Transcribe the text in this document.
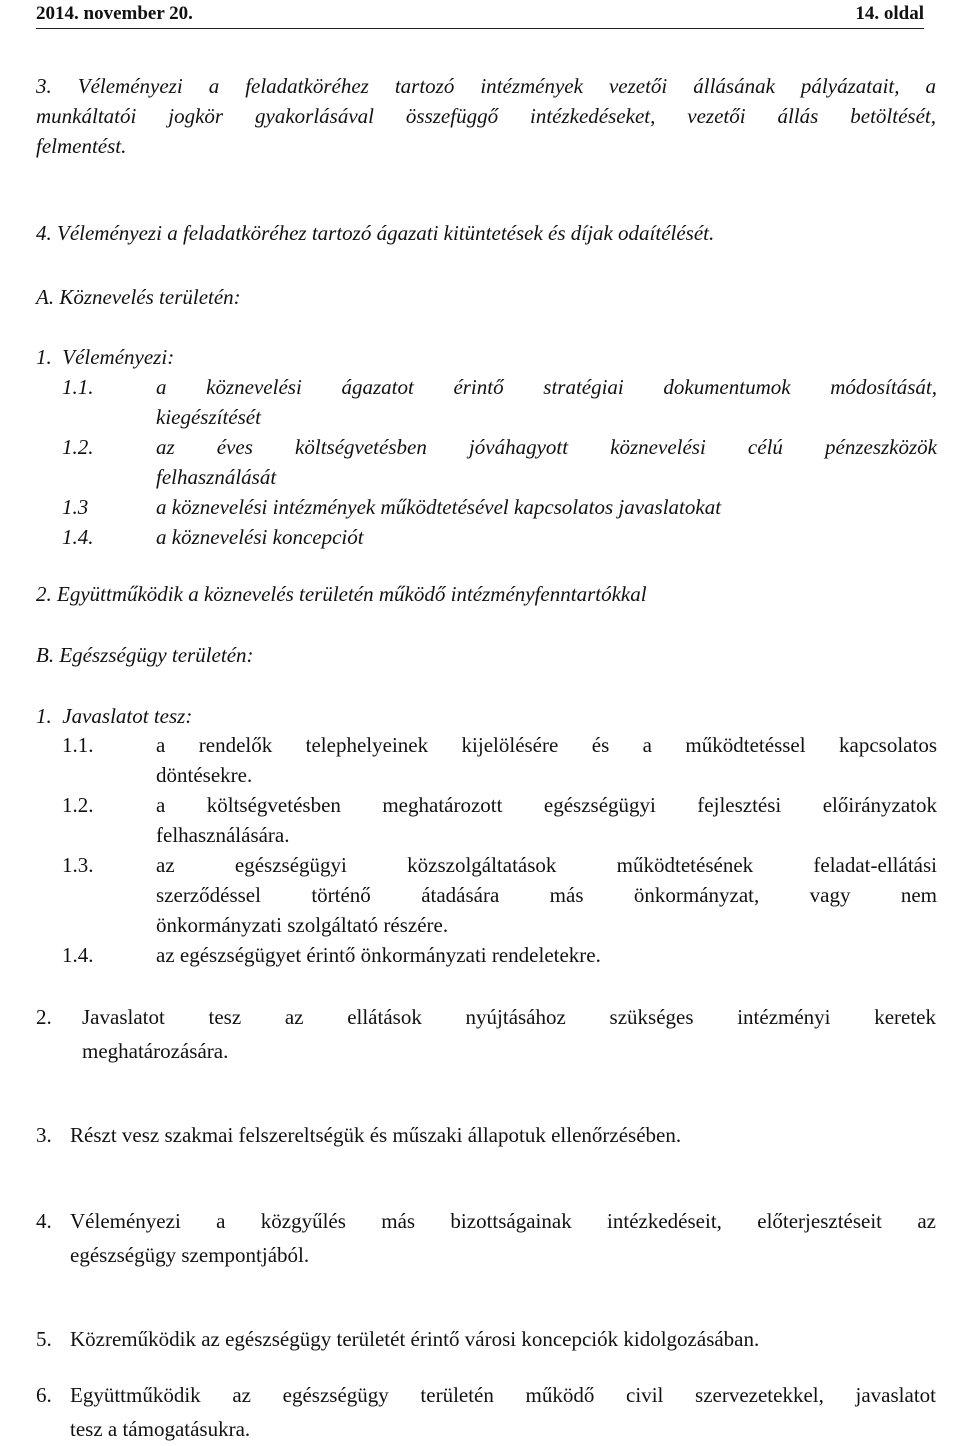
2014. november 20.	14. oldal
3. Véleményezi a feladatköréhez tartozó intézmények vezetői állásának pályázatait, a
munkáltatói jogkör gyakorlásával összefüggő intézkedéseket, vezetői állás betöltését,
felmentést.
4. Véleményezi a feladatköréhez tartozó ágazati kitüntetések és díjak odaítélését.
A. Köznevelés területén:
1.  Véleményezi:
1.1.	a köznevelési ágazatot érintő stratégiai dokumentumok módosítását,
kiegészítését
1.2.	az éves költségvetésben jóváhagyott köznevelési célú pénzeszközök
felhasználását
1.3	a köznevelési intézmények működtetésével kapcsolatos javaslatokat
1.4.	a köznevelési koncepciót
2. Együttműködik a köznevelés területén működő intézményfenntartókkal
B. Egészségügy területén:
1.  Javaslatot tesz:
1.1.	a rendelők telephelyeinek kijelölésére és a működtetéssel kapcsolatos
döntésekre.
1.2.	a költségvetésben meghatározott egészségügyi fejlesztési előirányzatok
felhasználására.
1.3.	az egészségügyi közszolgáltatások működtetésének feladat-ellátási
szerződéssel történő átadására más önkormányzat, vagy nem
önkormányzati szolgáltató részére.
1.4.	az egészségügyet érintő önkormányzati rendeletekre.
2. Javaslatot tesz az ellátások nyújtásához szükséges intézményi keretek
meghatározására.
3. Részt vesz szakmai felszereltségük és műszaki állapotuk ellenőrzésében.
4. Véleményezi a közgyűlés más bizottságainak intézkedéseit, előterjesztéseit az
egészségügy szempontjából.
5. Közreműködik az egészségügy területét érintő városi koncepciók kidolgozásában.
6. Együttműködik az egészségügy területén működő civil szervezetekkel, javaslatot
tesz a támogatásukra.
